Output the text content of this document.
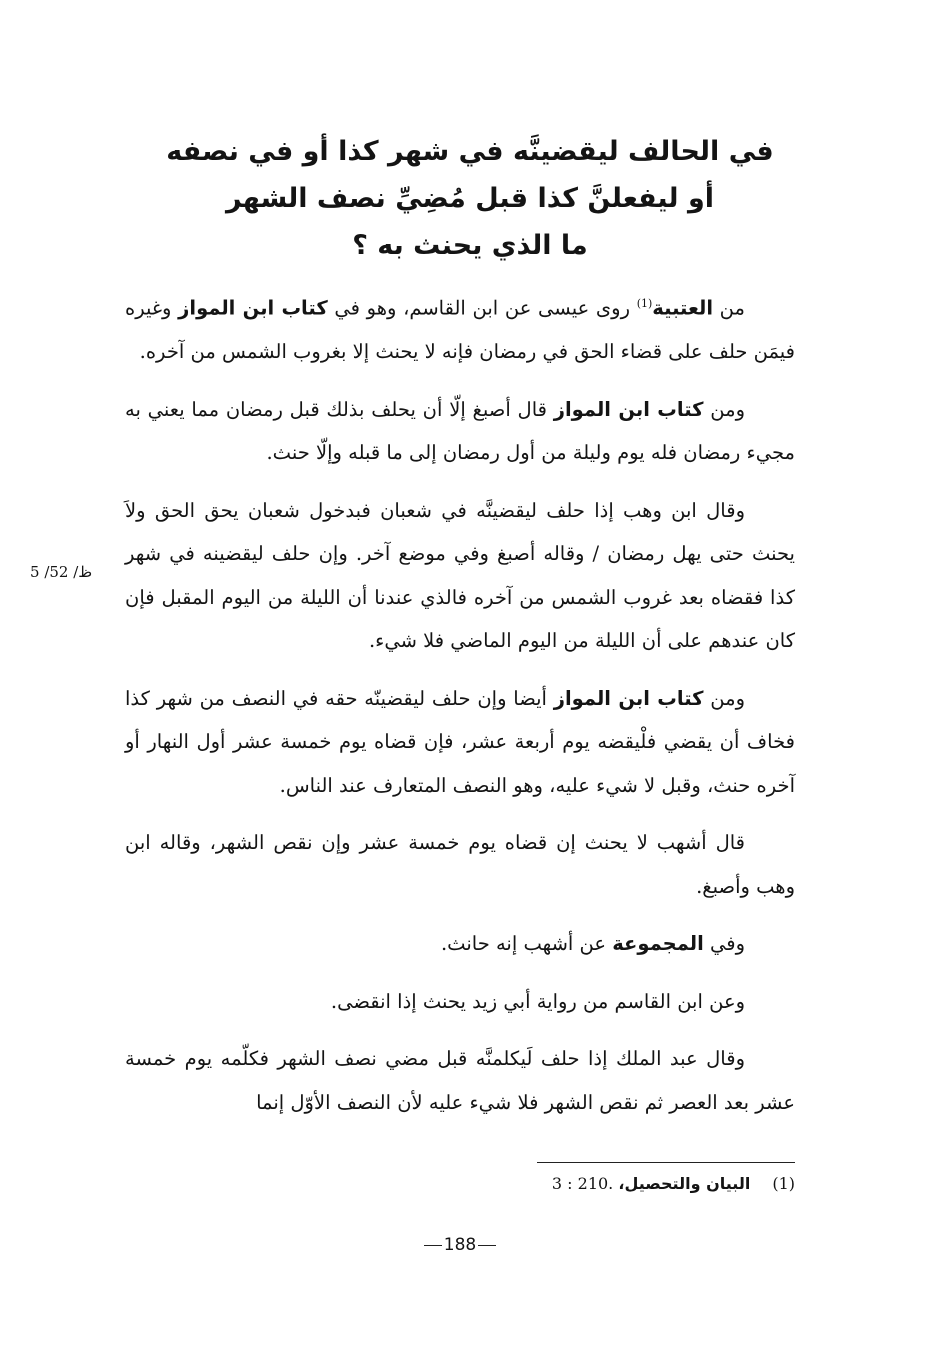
في الحالف ليقضينَّه في شهر كذا أو في نصفه
أو ليفعلنَّ كذا قبل مُضِيِّ نصف الشهر
ما الذي يحنث به ؟
ظ/ 52/ 5

من العتبية$^{(1)}$ روى عيسى عن ابن القاسم، وهو في كتاب ابن المواز وغيره فيمَن حلف على قضاء الحق في رمضان فإنه لا يحنث إلا بغروب الشمس من آخره.

ومن كتاب ابن المواز قال أصبغ إلّا أن يحلف بذلك قبل رمضان مما يعني به مجيء رمضان فله يوم وليلة من أول رمضان إلى ما قبله وإلّا حنث.

وقال ابن وهب إذا حلف ليقضينَّه في شعبان فبدخول شعبان يحق الحق ولاَ يحنث حتى يهل رمضان / وقاله أصبغ وفي موضع آخر. وإن حلف ليقضينه في شهر كذا فقضاه بعد غروب الشمس من آخره فالذي عندنا أن الليلة من اليوم المقبل فإن كان عندهم على أن الليلة من اليوم الماضي فلا شيء.

ومن كتاب ابن المواز أيضا وإن حلف ليقضينّه حقه في النصف من شهر كذا فخاف أن يقضي فلْيقضه يوم أربعة عشر، فإن قضاه يوم خمسة عشر أول النهار أو آخره حنث، وقبل لا شيء عليه، وهو النصف المتعارف عند الناس.

قال أشهب لا يحنث إن قضاه يوم خمسة عشر وإن نقص الشهر، وقاله ابن وهب وأصبغ.

وفي المجموعة عن أشهب إنه حانث.

وعن ابن القاسم من رواية أبي زيد يحنث إذا انقضى.

وقال عبد الملك إذا حلف لَيكلمنَّه قبل مضي نصف الشهر فكلّمه يوم خمسة عشر بعد العصر ثم نقص الشهر فلا شيء عليه لأن النصف الأوّل إنما

(1)البيان والتحصيل، 3 : 210.
188
